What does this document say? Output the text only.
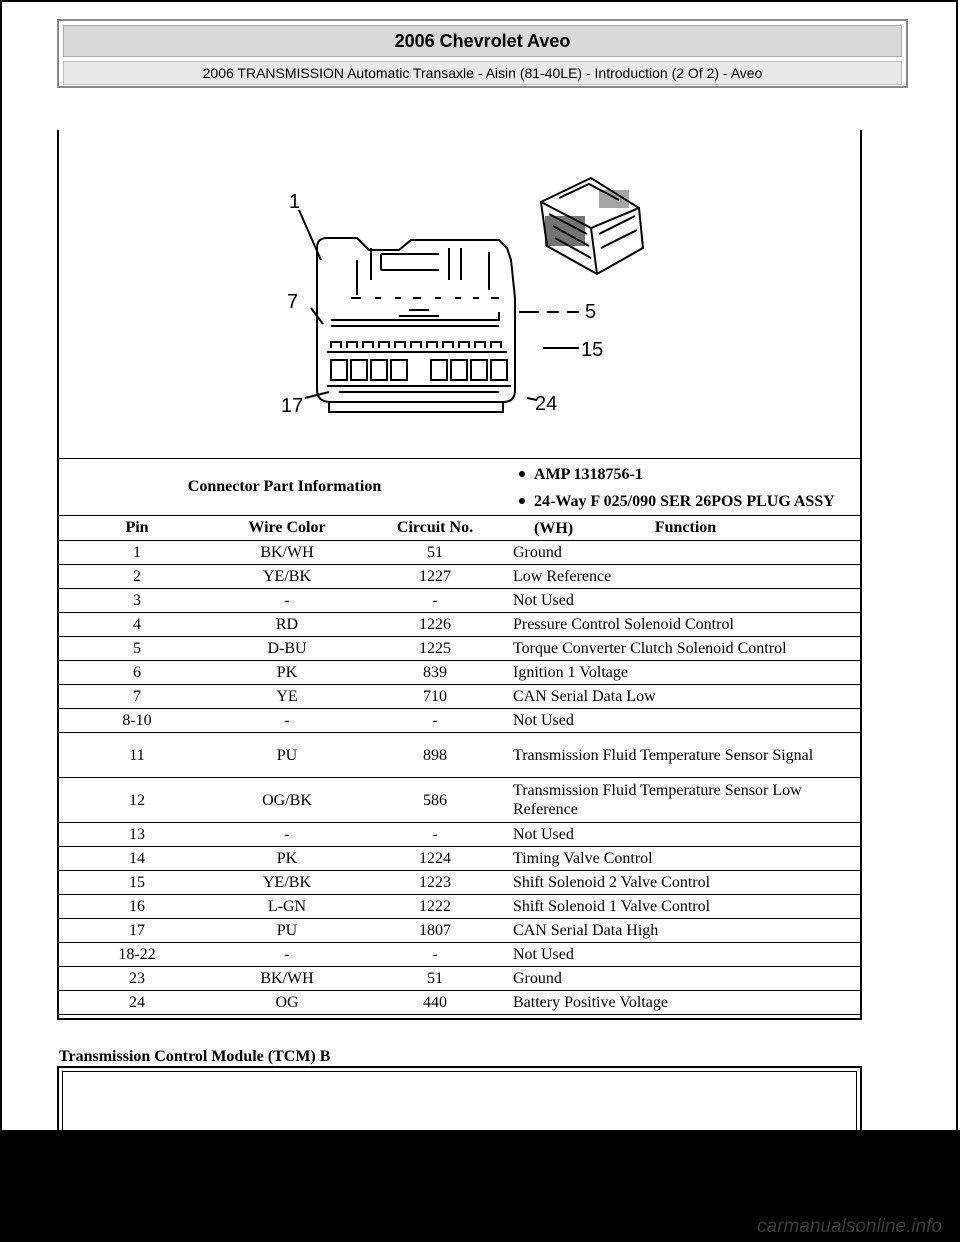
2006 Chevrolet Aveo
2006 TRANSMISSION Automatic Transaxle - Aisin (81-40LE) - Introduction (2 Of 2) - Aveo
1
7	5
15
17	24
Connector Part Information
AMP 1318756-1
24-Way F 025/090 SER 26POS PLUG ASSY (WH)
Pin	Wire Color	Circuit No.	Function
1	BK/WH	51	Ground
2	YE/BK	1227	Low Reference
3	-	-	Not Used
4	RD	1226	Pressure Control Solenoid Control
5	D-BU	1225	Torque Converter Clutch Solenoid Control
6	PK	839	Ignition 1 Voltage
7	YE	710	CAN Serial Data Low
8-10	-	-	Not Used
11	PU	898	Transmission Fluid Temperature Sensor Signal
12	OG/BK	586	Transmission Fluid Temperature Sensor Low Reference
13	-	-	Not Used
14	PK	1224	Timing Valve Control
15	YE/BK	1223	Shift Solenoid 2 Valve Control
16	L-GN	1222	Shift Solenoid 1 Valve Control
17	PU	1807	CAN Serial Data High
18-22	-	-	Not Used
23	BK/WH	51	Ground
24	OG	440	Battery Positive Voltage
Transmission Control Module (TCM) B
carmanualsonline.info
